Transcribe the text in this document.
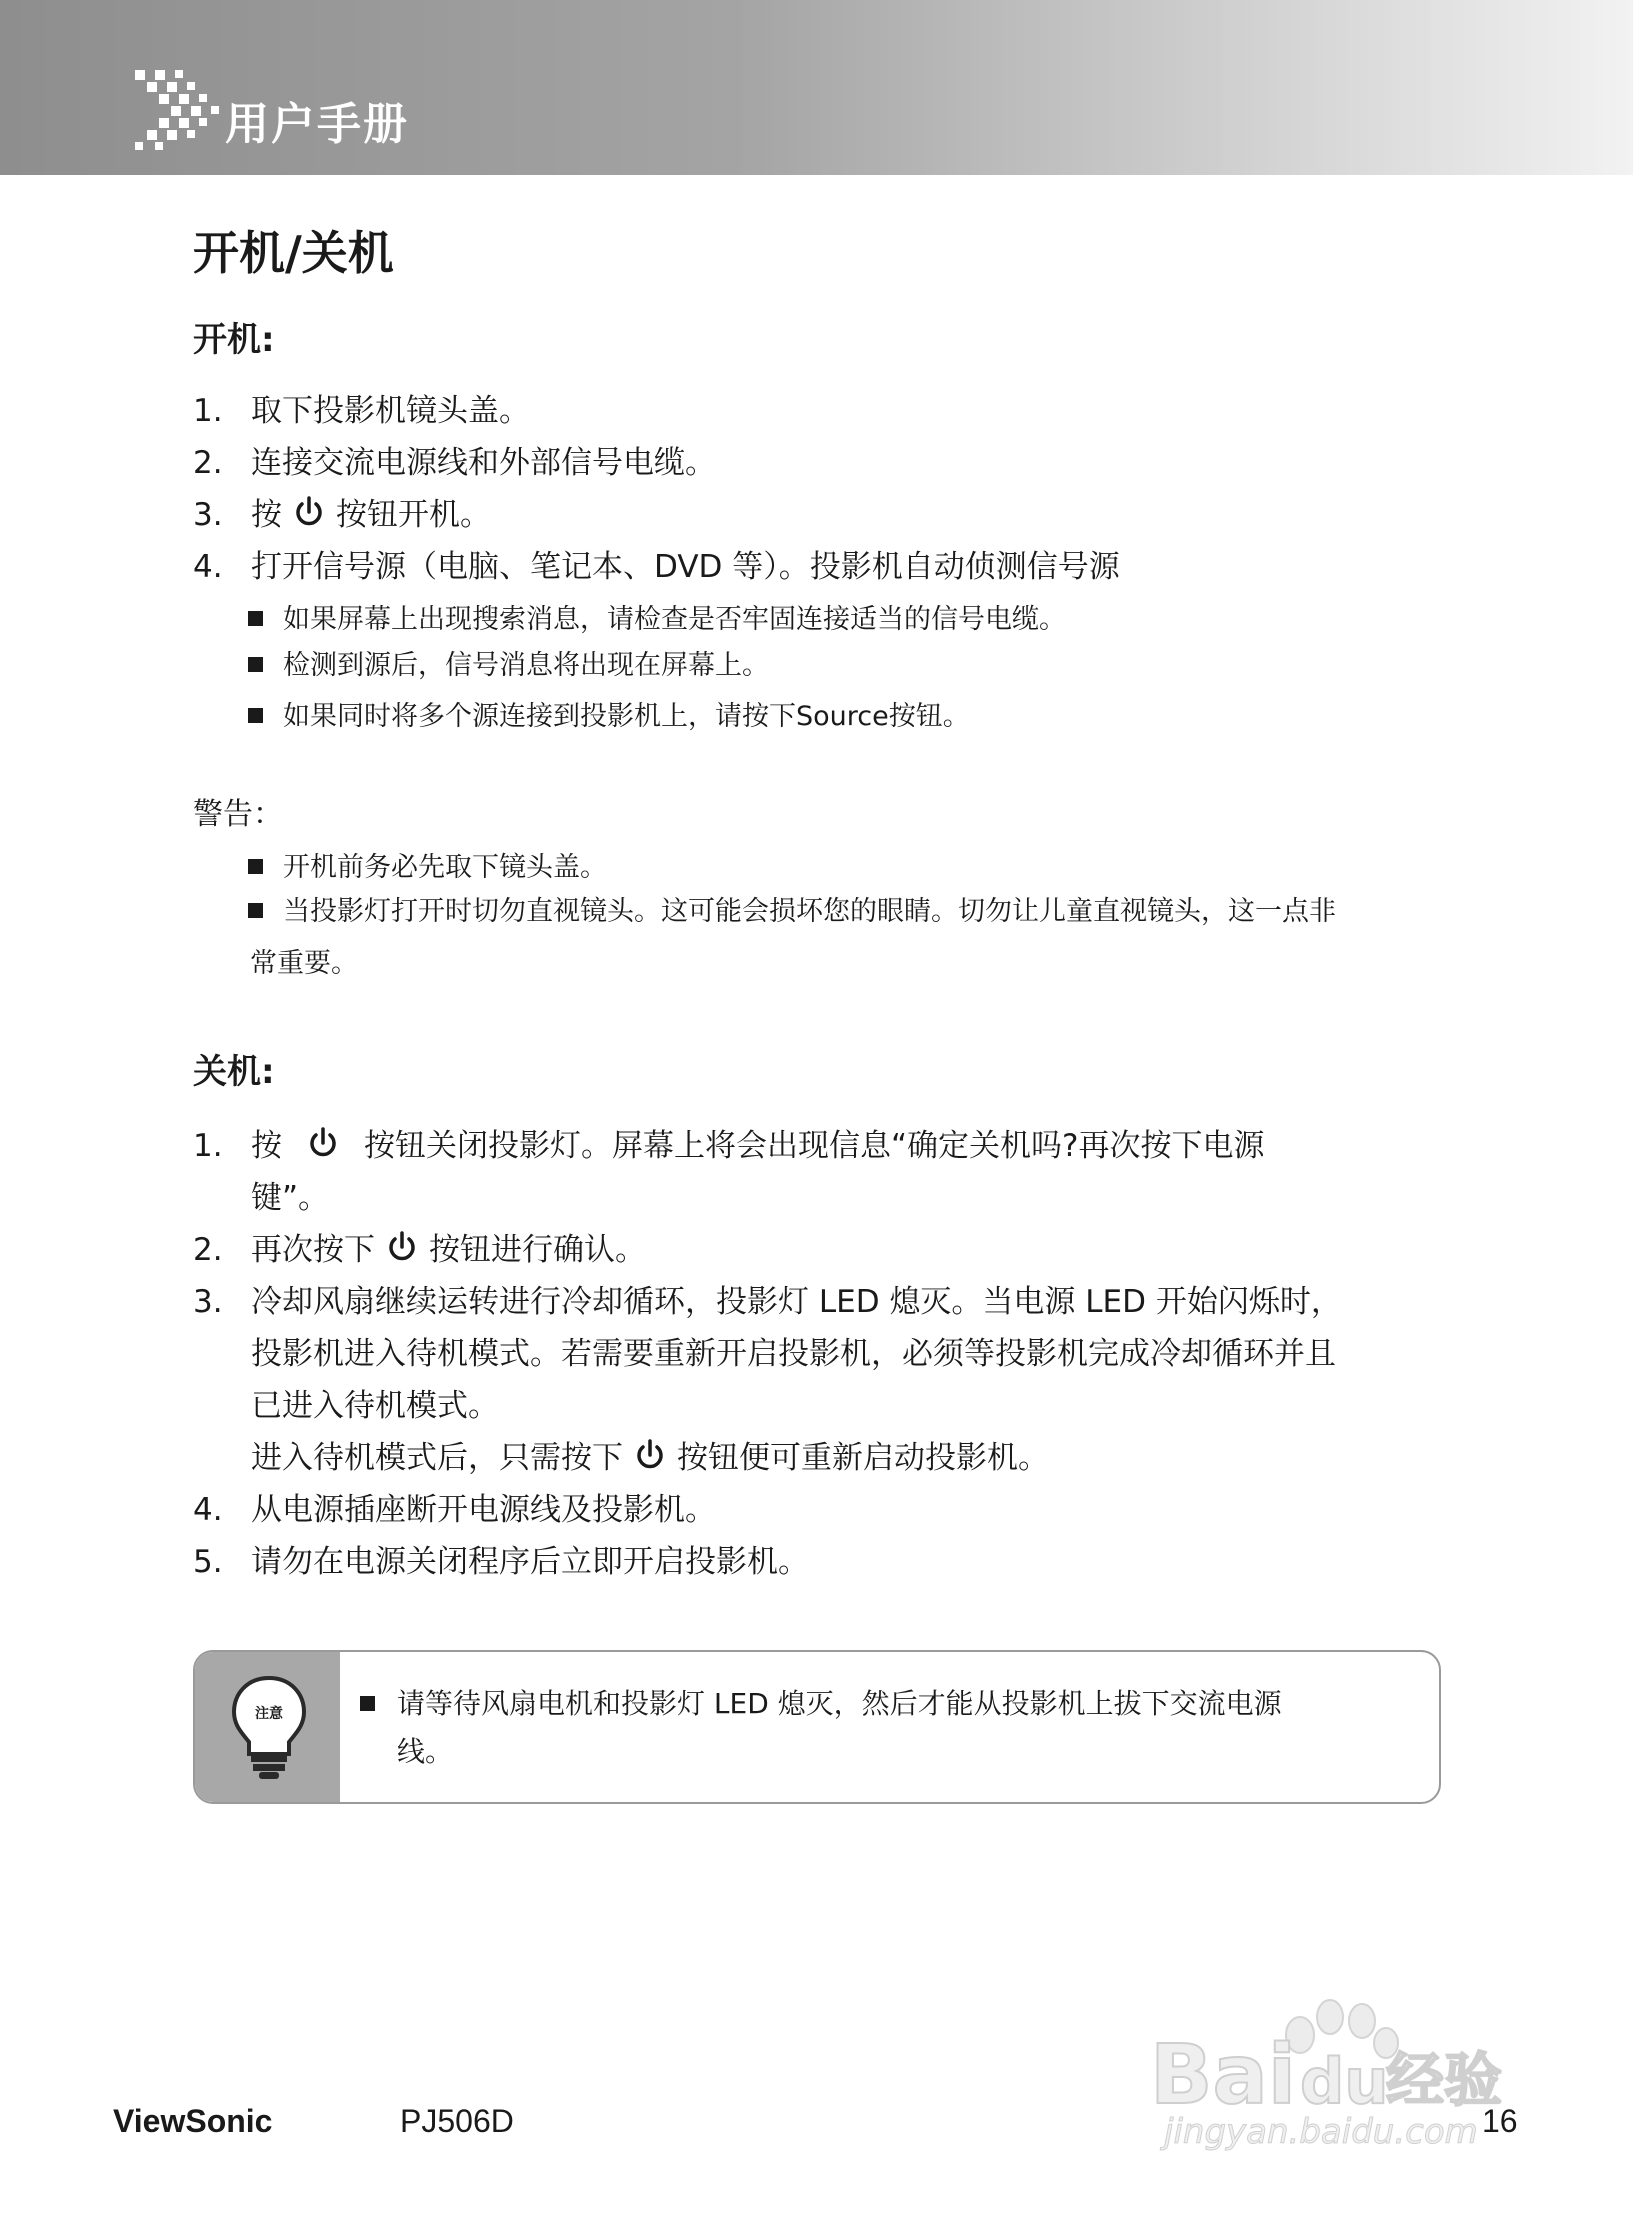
用户手册
开机/关机
开机:
1. 取下投影机镜头盖。
2. 连接交流电源线和外部信号电缆。
3. 按 按钮开机。
4. 打开信号源（电脑、笔记本、DVD 等）。投影机自动侦测信号源
如果屏幕上出现搜索消息，请检查是否牢固连接适当的信号电缆。
检测到源后，信号消息将出现在屏幕上。
如果同时将多个源连接到投影机上，请按下Source按钮。
警告：
开机前务必先取下镜头盖。
当投影灯打开时切勿直视镜头。这可能会损坏您的眼睛。切勿让儿童直视镜头，这一点非
常重要。
关机:
1. 按	按钮关闭投影灯。屏幕上将会出现信息“确定关机吗?再次按下电源
键”。
2. 再次按下 按钮进行确认。
3. 冷却风扇继续运转进行冷却循环，投影灯 LED 熄灭。当电源 LED 开始闪烁时，
投影机进入待机模式。若需要重新开启投影机，必须等投影机完成冷却循环并且
已进入待机模式。
进入待机模式后，只需按下 按钮便可重新启动投影机。
4. 从电源插座断开电源线及投影机。
5. 请勿在电源关闭程序后立即开启投影机。
注意	请等待风扇电机和投影灯 LED 熄灭，然后才能从投影机上拔下交流电源
线。
Bai du
经验
jingyan.baidu.com
ViewSonic	PJ506D	16
